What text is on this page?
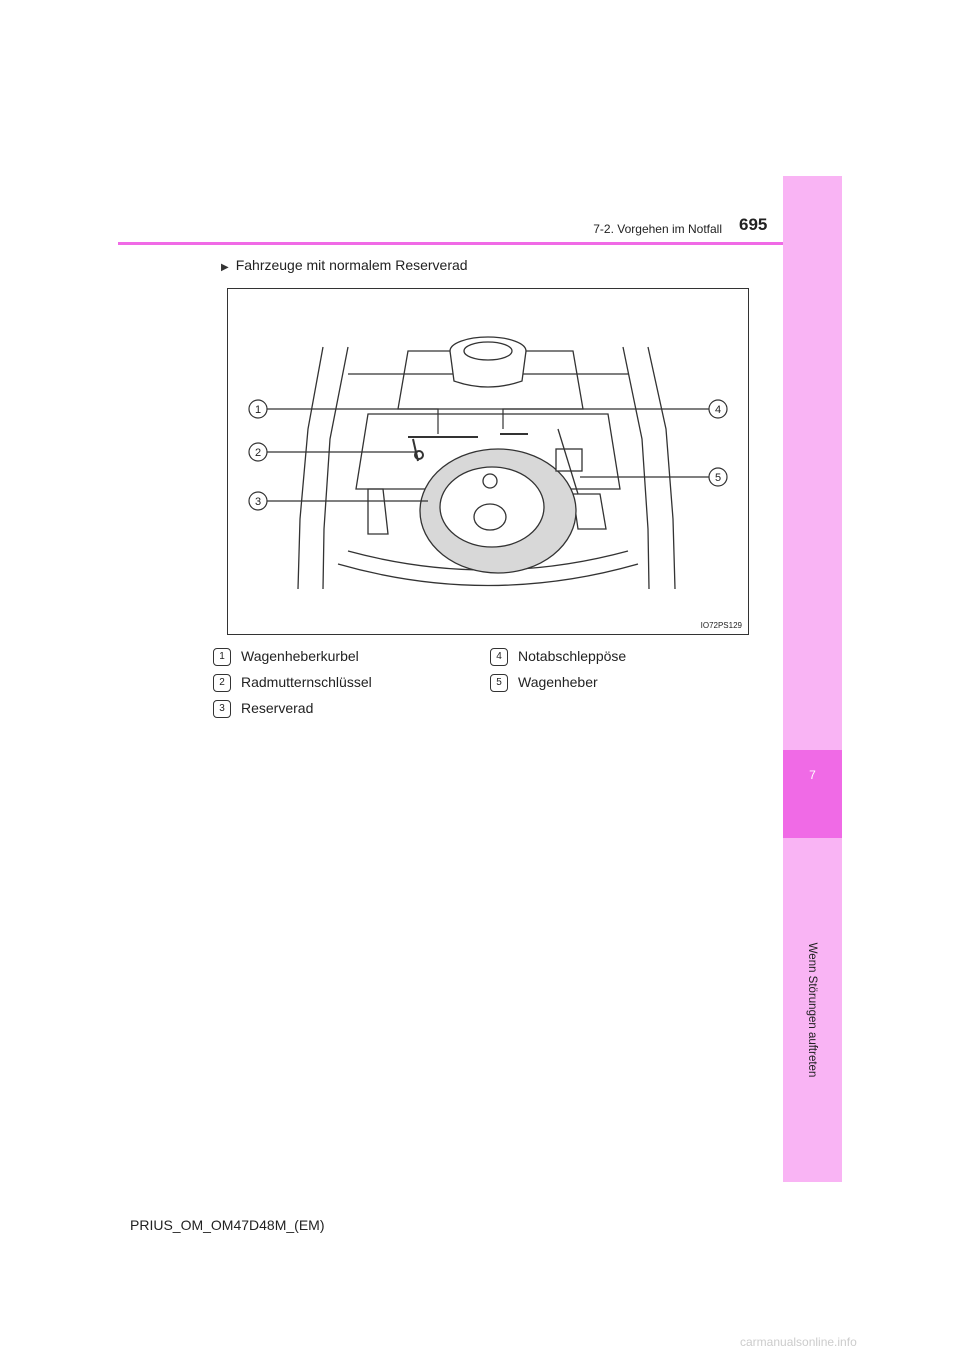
7
Wenn Störungen auftreten
7-2. Vorgehen im Notfall 695
▶ Fahrzeuge mit normalem Reserverad
1
2
3
4
5
IO72PS129
1 Wagenheberkurbel
2 Radmutternschlüssel
3 Reserverad
4 Notabschleppöse
5 Wagenheber
PRIUS_OM_OM47D48M_(EM)
carmanualsonline.info
